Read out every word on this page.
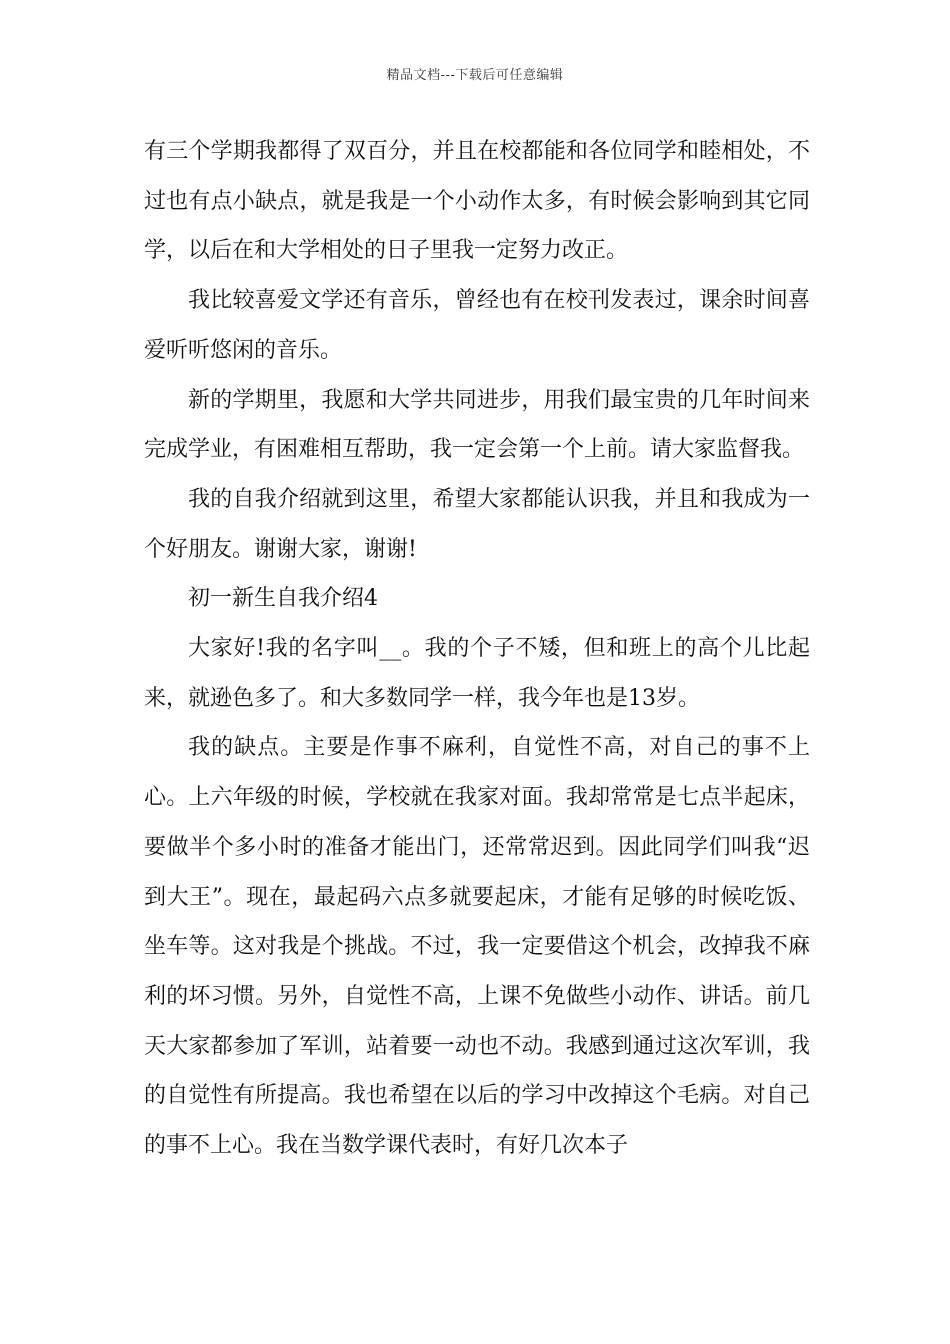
精品文档---下载后可任意编辑

有三个学期我都得了双百分，并且在校都能和各位同学和睦相处，不过也有点小缺点，就是我是一个小动作太多，有时候会影响到其它同学，以后在和大学相处的日子里我一定努力改正。

我比较喜爱文学还有音乐，曾经也有在校刊发表过，课余时间喜爱听听悠闲的音乐。

新的学期里，我愿和大学共同进步，用我们最宝贵的几年时间来完成学业，有困难相互帮助，我一定会第一个上前。请大家监督我。

我的自我介绍就到这里，希望大家都能认识我，并且和我成为一个好朋友。谢谢大家，谢谢!

初一新生自我介绍4

大家好!我的名字叫__。我的个子不矮，但和班上的高个儿比起来，就逊色多了。和大多数同学一样，我今年也是13岁。

我的缺点。主要是作事不麻利，自觉性不高，对自己的事不上心。上六年级的时候，学校就在我家对面。我却常常是七点半起床，要做半个多小时的准备才能出门，还常常迟到。因此同学们叫我“迟到大王”。现在，最起码六点多就要起床，才能有足够的时候吃饭、坐车等。这对我是个挑战。不过，我一定要借这个机会，改掉我不麻利的坏习惯。另外，自觉性不高，上课不免做些小动作、讲话。前几天大家都参加了军训，站着要一动也不动。我感到通过这次军训，我的自觉性有所提高。我也希望在以后的学习中改掉这个毛病。对自己的事不上心。我在当数学课代表时，有好几次本子
